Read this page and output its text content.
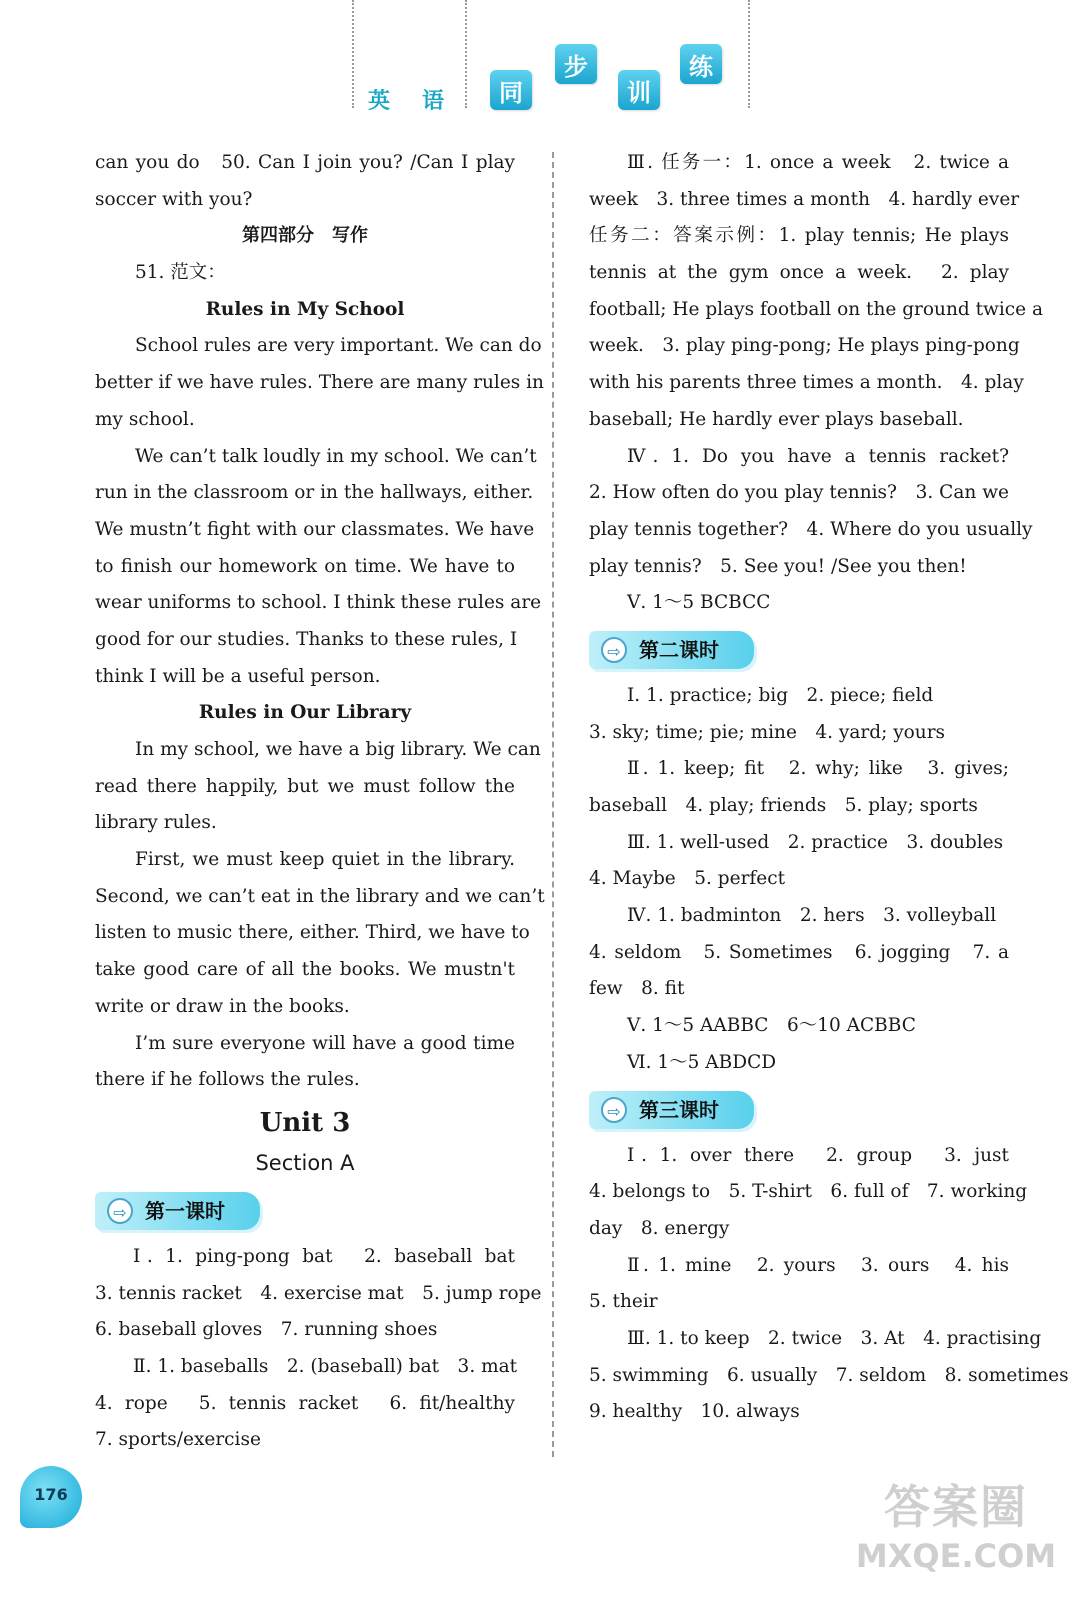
英 语	同
步
训
练
can you do　50. Can I join you? /Can I play
soccer with you?
第四部分　写作
51. 范文：
Rules in My School
School rules are very important. We can do
better if we have rules. There are many rules in
my school.
We can’t talk loudly in my school. We can’t
run in the classroom or in the hallways, either.
We mustn’t fight with our classmates. We have
to finish our homework on time. We have to
wear uniforms to school. I think these rules are
good for our studies. Thanks to these rules, I
think I will be a useful person.
Rules in Our Library
In my school, we have a big library. We can
read there happily, but we must follow the
library rules.
First, we must keep quiet in the library.
Second, we can’t eat in the library and we can’t
listen to music there, either. Third, we have to
take good care of all the books. We mustn't
write or draw in the books.
I’m sure everyone will have a good time
there if he follows the rules.
Unit 3
Section A
⇨ 第一课时
Ⅰ. 1. ping-pong bat　2. baseball bat
3. tennis racket　4. exercise mat　5. jump rope
6. baseball gloves　7. running shoes
Ⅱ. 1. baseballs　2. (baseball) bat　3. mat
4. rope　5. tennis racket　6. fit/healthy
7. sports/exercise
Ⅲ. 任务一：1. once a week　2. twice a
week　3. three times a month　4. hardly ever
任务二：答案示例：1. play tennis; He plays
tennis at the gym once a week.　2. play
football; He plays football on the ground twice a
week.　3. play ping-pong; He plays ping-pong
with his parents three times a month.　4. play
baseball; He hardly ever plays baseball.
Ⅳ. 1. Do you have a tennis racket?
2. How often do you play tennis?　3. Can we
play tennis together?　4. Where do you usually
play tennis?　5. See you! /See you then!
Ⅴ. 1～5 BCBCC
⇨ 第二课时
Ⅰ. 1. practice; big　2. piece; field
3. sky; time; pie; mine　4. yard; yours
Ⅱ. 1. keep; fit　2. why; like　3. gives;
baseball　4. play; friends　5. play; sports
Ⅲ. 1. well-used　2. practice　3. doubles
4. Maybe　5. perfect
Ⅳ. 1. badminton　2. hers　3. volleyball
4. seldom　5. Sometimes　6. jogging　7. a
few　8. fit
Ⅴ. 1～5 AABBC　6～10 ACBBC
Ⅵ. 1～5 ABDCD
⇨ 第三课时
Ⅰ. 1. over there　2. group　3. just
4. belongs to　5. T-shirt　6. full of　7. working
day　8. energy
Ⅱ. 1. mine　2. yours　3. ours　4. his
5. their
Ⅲ. 1. to keep　2. twice　3. At　4. practising
5. swimming　6. usually　7. seldom　8. sometimes
9. healthy　10. always
176	答案圈
MXQE.COM
